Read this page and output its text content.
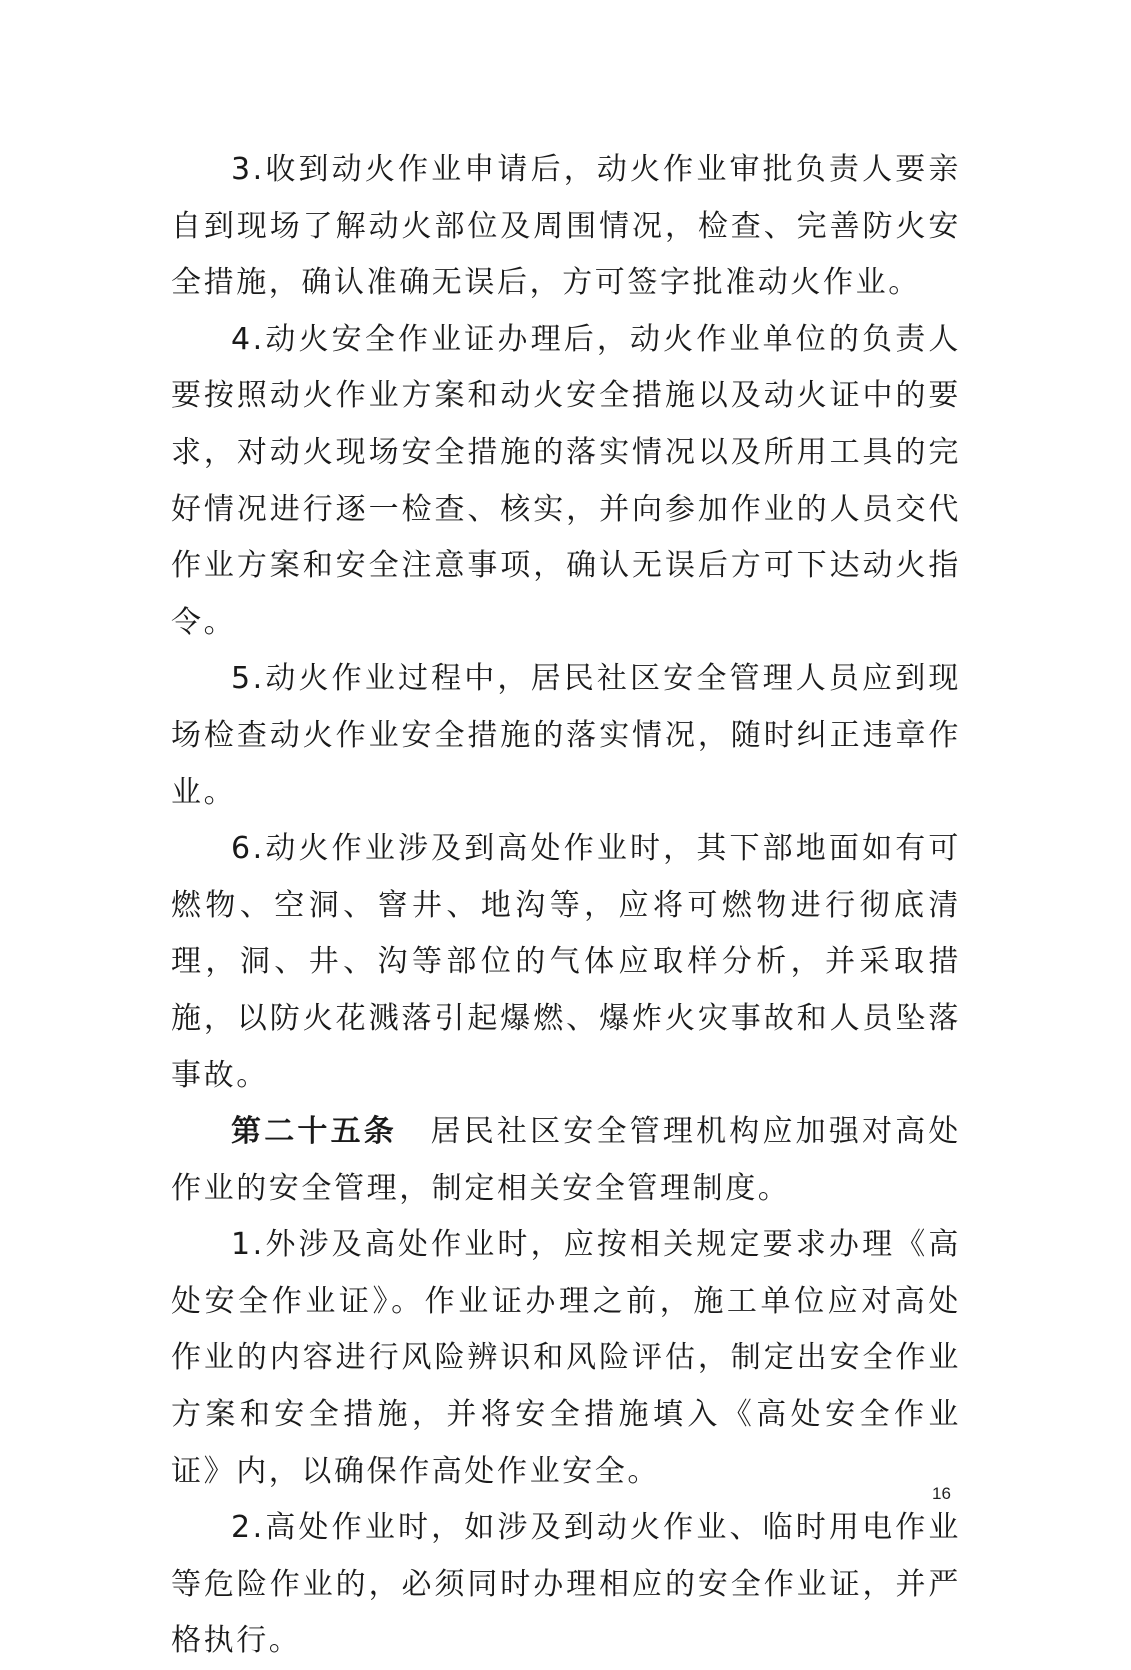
3.收到动火作业申请后，动火作业审批负责人要亲自到现场了解动火部位及周围情况，检查、完善防火安全措施，确认准确无误后，方可签字批准动火作业。

4.动火安全作业证办理后，动火作业单位的负责人要按照动火作业方案和动火安全措施以及动火证中的要求，对动火现场安全措施的落实情况以及所用工具的完好情况进行逐一检查、核实，并向参加作业的人员交代作业方案和安全注意事项，确认无误后方可下达动火指令。

5.动火作业过程中，居民社区安全管理人员应到现场检查动火作业安全措施的落实情况，随时纠正违章作业。

6.动火作业涉及到高处作业时，其下部地面如有可燃物、空洞、窨井、地沟等，应将可燃物进行彻底清理，洞、井、沟等部位的气体应取样分析，并采取措施，以防火花溅落引起爆燃、爆炸火灾事故和人员坠落事故。

第二十五条 居民社区安全管理机构应加强对高处作业的安全管理，制定相关安全管理制度。

1.外涉及高处作业时，应按相关规定要求办理《高处安全作业证》。作业证办理之前，施工单位应对高处作业的内容进行风险辨识和风险评估，制定出安全作业方案和安全措施，并将安全措施填入《高处安全作业证》内，以确保作高处作业安全。

2.高处作业时，如涉及到动火作业、临时用电作业等危险作业的，必须同时办理相应的安全作业证，并严格执行。

16
